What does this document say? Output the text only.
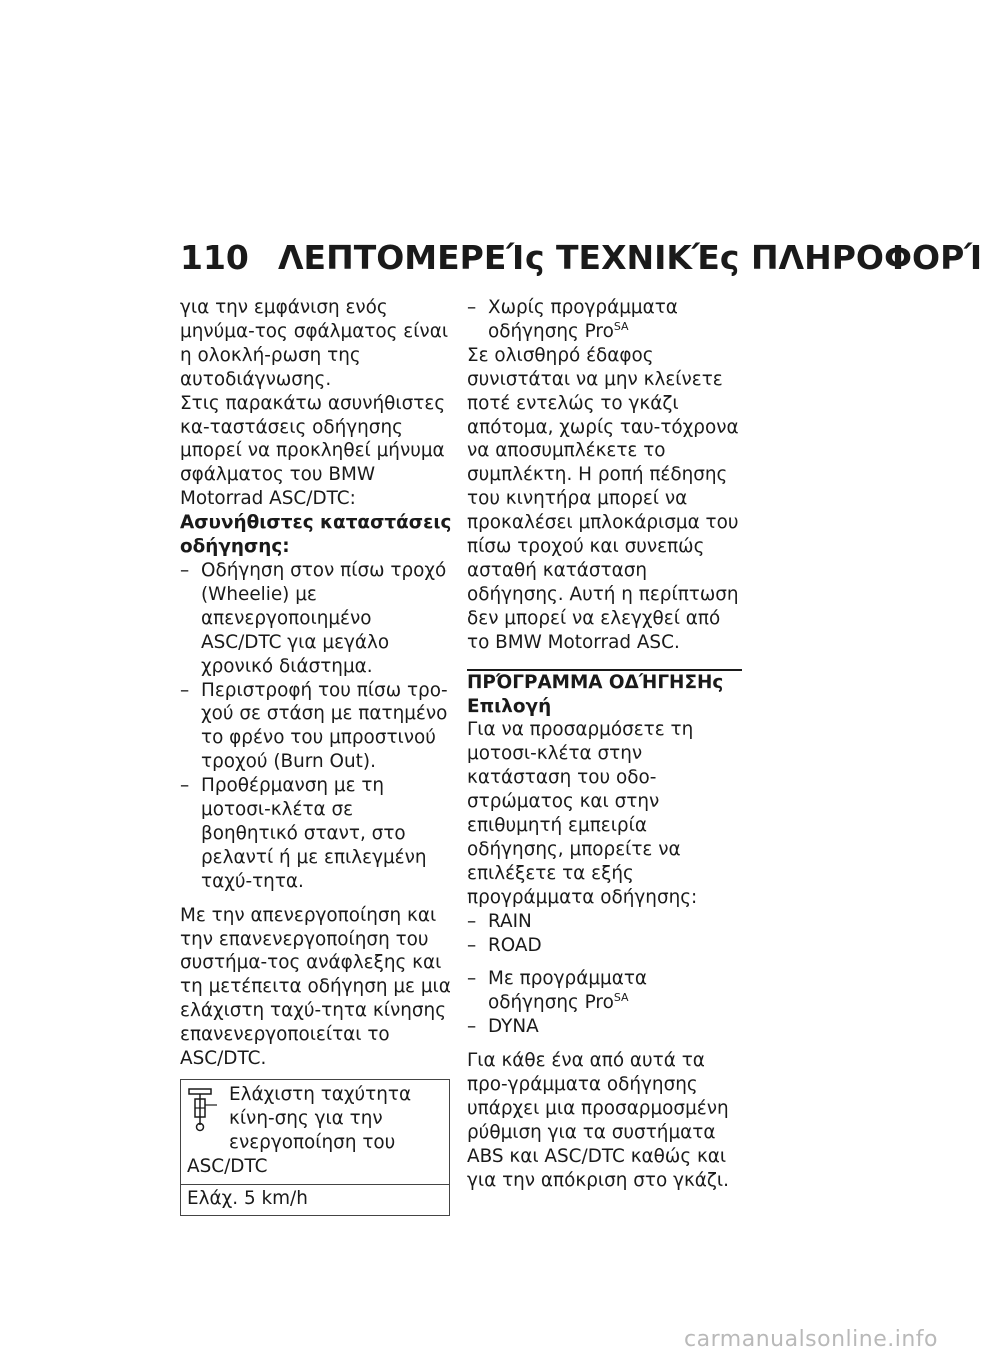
110 ΛΕΠΤΟΜΕΡΕΊς ΤΕΧΝΙΚΈς ΠΛΗΡΟΦΟΡΊ

για την εμφάνιση ενός μηνύμα-τος σφάλματος είναι η ολοκλή-ρωση της αυτοδιάγνωσης.

Στις παρακάτω ασυνήθιστες κα-ταστάσεις οδήγησης μπορεί να προκληθεί μήνυμα σφάλματος του BMW Motorrad ASC/DTC:

Ασυνήθιστες καταστάσεις οδήγησης:

– Οδήγηση στον πίσω τροχό (Wheelie) με απενεργοποιημένο ASC/DTC για μεγάλο χρονικό διάστημα.
– Περιστροφή του πίσω τρο-χού σε στάση με πατημένο το φρένο του μπροστινού τροχού (Burn Out).
– Προθέρμανση με τη μοτοσι-κλέτα σε βοηθητικό σταντ, στο ρελαντί ή με επιλεγμένη ταχύ-τητα.

Με την απενεργοποίηση και την επανενεργοποίηση του συστήμα-τος ανάφλεξης και τη μετέπειτα οδήγηση με μια ελάχιστη ταχύ-τητα κίνησης επανενεργοποιείται το ASC/DTC.

Ελάχιστη ταχύτητα κίνη-σης για την ενεργοποίηση του ASC/DTC
Ελάχ. 5 km/h
– Χωρίς προγράμματα οδήγησης Pro$^{SA}$

Σε ολισθηρό έδαφος συνιστάται να μην κλείνετε ποτέ εντελώς το γκάζι απότομα, χωρίς ταυ-τόχρονα να αποσυμπλέκετε το συμπλέκτη. Η ροπή πέδησης του κινητήρα μπορεί να προκαλέσει μπλοκάρισμα του πίσω τροχού και συνεπώς ασταθή κατάσταση οδήγησης. Αυτή η περίπτωση δεν μπορεί να ελεγχθεί από το BMW Motorrad ASC.

ΠΡΌΓΡΑΜΜΑ ΟΔΉΓΗΣΗς

Επιλογή

Για να προσαρμόσετε τη μοτοσι-κλέτα στην κατάσταση του οδο-στρώματος και στην επιθυμητή εμπειρία οδήγησης, μπορείτε να επιλέξετε τα εξής προγράμματα οδήγησης:

– RAIN
– ROAD
– Με προγράμματα οδήγησης Pro$^{SA}$
– DYNA

Για κάθε ένα από αυτά τα προ-γράμματα οδήγησης υπάρχει μια προσαρμοσμένη ρύθμιση για τα συστήματα ABS και ASC/DTC καθώς και για την απόκριση στο γκάζι.

carmanualsonline.info
